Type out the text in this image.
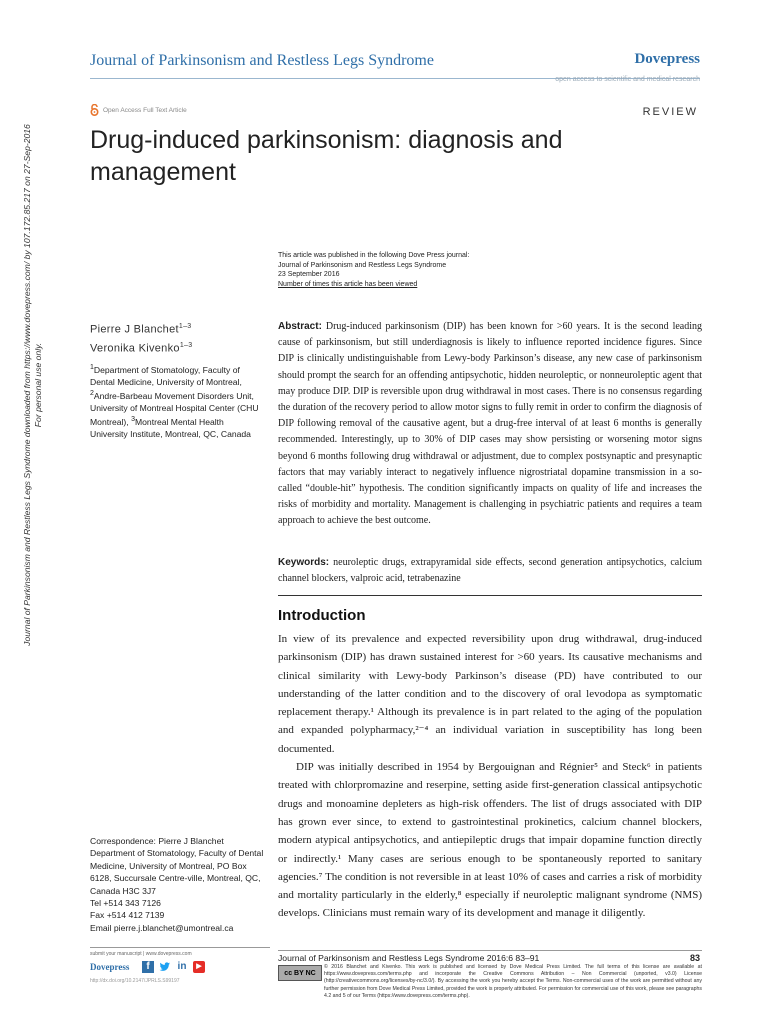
Journal of Parkinsonism and Restless Legs Syndrome	Dovepress
open access to scientific and medical research
Open Access Full Text Article	REVIEW
Drug-induced parkinsonism: diagnosis and management
This article was published in the following Dove Press journal:
Journal of Parkinsonism and Restless Legs Syndrome
23 September 2016
Number of times this article has been viewed
Journal of Parkinsonism and Restless Legs Syndrome downloaded from https://www.dovepress.com/ by 107.172.85.217 on 27-Sep-2016 For personal use only.
Pierre J Blanchet$^{1-3}$
Veronika Kivenko$^{1-3}$
$^1$Department of Stomatology, Faculty of Dental Medicine, University of Montreal, $^2$Andre-Barbeau Movement Disorders Unit, University of Montreal Hospital Center (CHU Montreal), $^3$Montreal Mental Health University Institute, Montreal, QC, Canada
Abstract: Drug-induced parkinsonism (DIP) has been known for >60 years. It is the second leading cause of parkinsonism, but still underdiagnosis is likely to influence reported incidence figures. Since DIP is clinically undistinguishable from Lewy-body Parkinson’s disease, any new case of parkinsonism should prompt the search for an offending antipsychotic, hidden neuroleptic, or nonneuroleptic agent that may produce DIP. DIP is reversible upon drug withdrawal in most cases. There is no consensus regarding the duration of the recovery period to allow motor signs to fully remit in order to confirm the diagnosis of DIP following removal of the causative agent, but a drug-free interval of at least 6 months is generally recommended. Interestingly, up to 30% of DIP cases may show persisting or worsening motor signs beyond 6 months following drug withdrawal or adjustment, due to complex postsynaptic and presynaptic factors that may variably interact to negatively influence nigrostriatal dopamine transmission in a so-called “double-hit” hypothesis. The condition significantly impacts on quality of life and increases the risks of morbidity and mortality. Management is challenging in psychiatric patients and requires a team approach to achieve the best outcome.
Keywords: neuroleptic drugs, extrapyramidal side effects, second generation antipsychotics, calcium channel blockers, valproic acid, tetrabenazine
Introduction

In view of its prevalence and expected reversibility upon drug withdrawal, drug-induced parkinsonism (DIP) has drawn sustained interest for >60 years. Its causative mechanisms and clinical similarity with Lewy-body Parkinson’s disease (PD) have contributed to our understanding of the latter condition and to the discovery of oral levodopa as symptomatic replacement therapy.¹ Although its prevalence is in part related to the aging of the population and expanded polypharmacy,²⁻⁴ an individual variation in susceptibility has long been documented.

DIP was initially described in 1954 by Bergouignan and Régnier⁵ and Steck⁶ in patients treated with chlorpromazine and reserpine, setting aside first-generation classical antipsychotic drugs and monoamine depleters as high-risk offenders. The list of drugs associated with DIP has grown ever since, to extend to gastrointestinal prokinetics, calcium channel blockers, modern atypical antipsychotics, and antiepileptic drugs that impair dopamine function directly or indirectly.¹ Many cases are serious enough to be spontaneously reported to sanitary agencies.⁷ The condition is not reversible in at least 10% of cases and carries a risk of morbidity and mortality particularly in the elderly,⁸ especially if neuroleptic malignant syndrome (NMS) develops. Clinicians must remain wary of its development and manage it diligently.

Correspondence: Pierre J Blanchet
Department of Stomatology, Faculty of Dental Medicine, University of Montreal, PO Box 6128, Succursale Centre-ville, Montreal, QC, Canada H3C 3J7
Tel +514 343 7126
Fax +514 412 7139
Email pierre.j.blanchet@umontreal.ca
submit your manuscript | www.dovepress.com
Dovepress	f	in	▶
http://dx.doi.org/10.2147/JPRLS.S99197
Journal of Parkinsonism and Restless Legs Syndrome 2016:6 83–91	83
cc BY NC
© 2016 Blanchet and Kivenko. This work is published and licensed by Dove Medical Press Limited. The full terms of this license are available at https://www.dovepress.com/terms.php and incorporate the Creative Commons Attribution – Non Commercial (unported, v3.0) License (http://creativecommons.org/licenses/by-nc/3.0/). By accessing the work you hereby accept the Terms. Non-commercial uses of the work are permitted without any further permission from Dove Medical Press Limited, provided the work is properly attributed. For permission for commercial use of this work, please see paragraphs 4.2 and 5 of our Terms (https://www.dovepress.com/terms.php).
